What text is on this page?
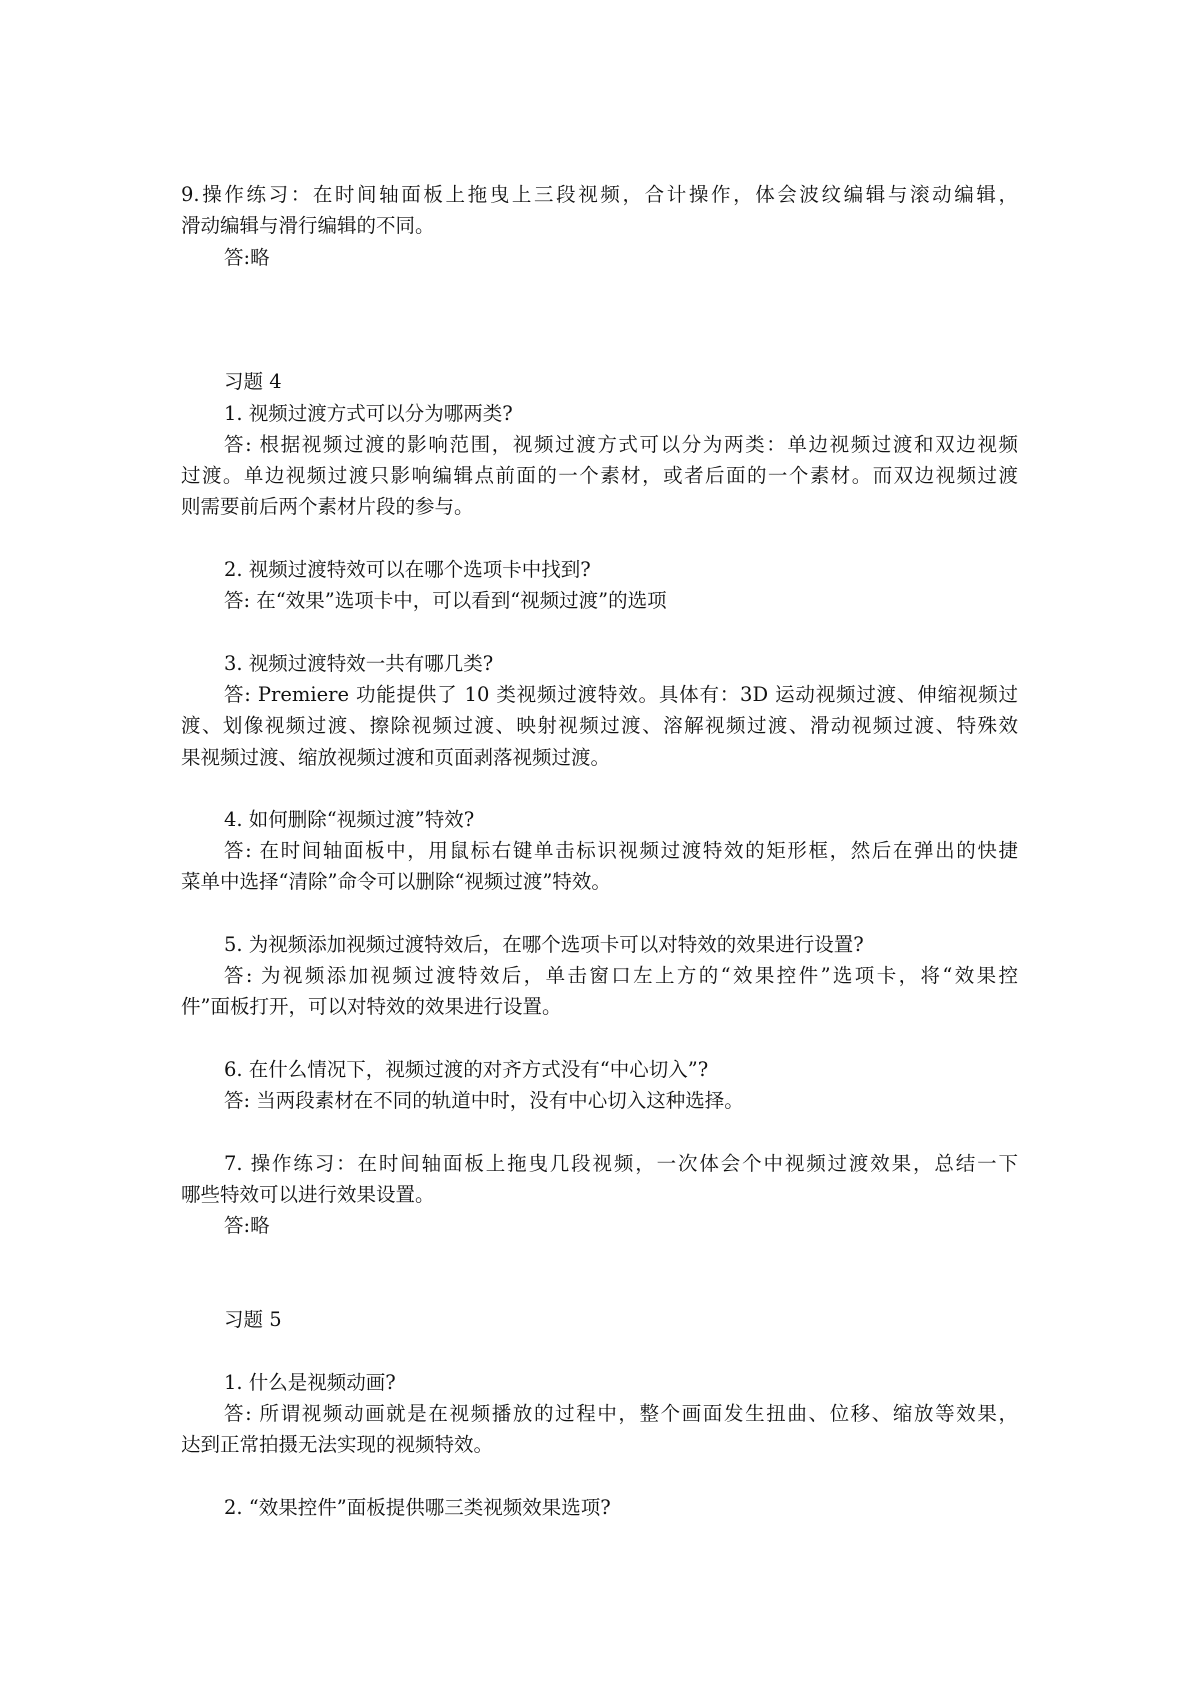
9.操作练习：在时间轴面板上拖曳上三段视频，合计操作，体会波纹编辑与滚动编辑，
滑动编辑与滑行编辑的不同。
答:略
习题 4
1. 视频过渡方式可以分为哪两类?
答: 根据视频过渡的影响范围，视频过渡方式可以分为两类：单边视频过渡和双边视频
过渡。单边视频过渡只影响编辑点前面的一个素材，或者后面的一个素材。而双边视频过渡
则需要前后两个素材片段的参与。
2. 视频过渡特效可以在哪个选项卡中找到?
答: 在“效果”选项卡中，可以看到“视频过渡”的选项
3. 视频过渡特效一共有哪几类?
答: Premiere 功能提供了 10 类视频过渡特效。具体有：3D 运动视频过渡、伸缩视频过
渡、划像视频过渡、擦除视频过渡、映射视频过渡、溶解视频过渡、滑动视频过渡、特殊效
果视频过渡、缩放视频过渡和页面剥落视频过渡。
4. 如何删除“视频过渡”特效?
答: 在时间轴面板中，用鼠标右键单击标识视频过渡特效的矩形框，然后在弹出的快捷
菜单中选择“清除”命令可以删除“视频过渡”特效。
5. 为视频添加视频过渡特效后，在哪个选项卡可以对特效的效果进行设置?
答: 为视频添加视频过渡特效后，单击窗口左上方的“效果控件”选项卡，将“效果控
件”面板打开，可以对特效的效果进行设置。
6. 在什么情况下，视频过渡的对齐方式没有“中心切入”?
答: 当两段素材在不同的轨道中时，没有中心切入这种选择。
7. 操作练习：在时间轴面板上拖曳几段视频，一次体会个中视频过渡效果，总结一下
哪些特效可以进行效果设置。
答:略
习题 5
1. 什么是视频动画?
答: 所谓视频动画就是在视频播放的过程中，整个画面发生扭曲、位移、缩放等效果，
达到正常拍摄无法实现的视频特效。
2. “效果控件”面板提供哪三类视频效果选项?
